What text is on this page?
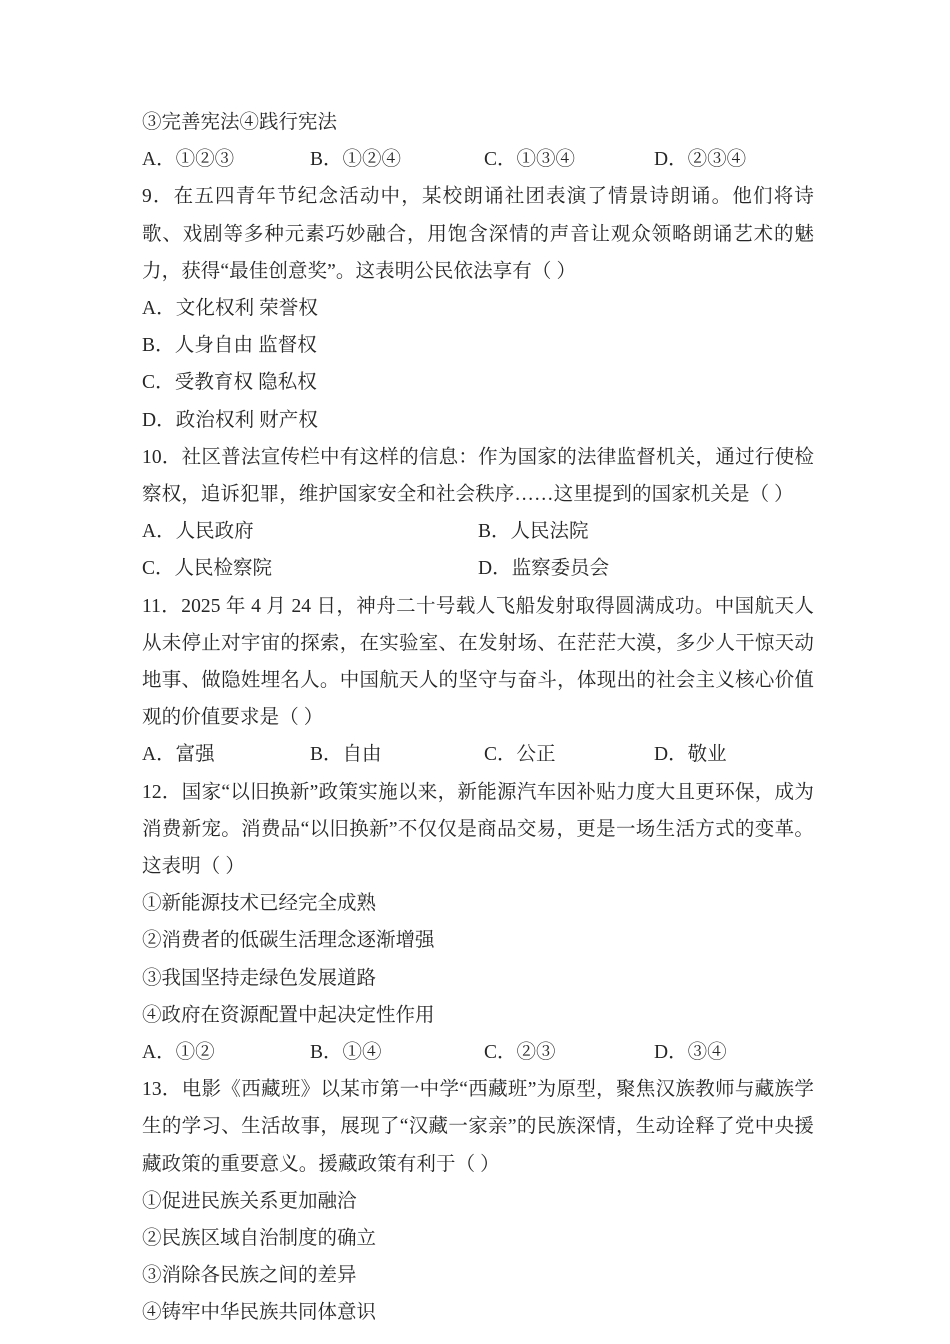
③完善宪法④践行宪法
A．①②③	B．①②④	C．①③④	D．②③④
9．在五四青年节纪念活动中，某校朗诵社团表演了情景诗朗诵。他们将诗歌、戏剧等多种元素巧妙融合，用饱含深情的声音让观众领略朗诵艺术的魅力，获得“最佳创意奖”。这表明公民依法享有（ ）
A．文化权利 荣誉权
B．人身自由 监督权
C．受教育权 隐私权
D．政治权利 财产权
10．社区普法宣传栏中有这样的信息：作为国家的法律监督机关，通过行使检察权，追诉犯罪，维护国家安全和社会秩序……这里提到的国家机关是（ ）
A．人民政府	B．人民法院
C．人民检察院	D．监察委员会
11．2025 年 4 月 24 日，神舟二十号载人飞船发射取得圆满成功。中国航天人从未停止对宇宙的探索，在实验室、在发射场、在茫茫大漠，多少人干惊天动地事、做隐姓埋名人。中国航天人的坚守与奋斗，体现出的社会主义核心价值观的价值要求是（ ）
A．富强	B．自由	C．公正	D．敬业
12．国家“以旧换新”政策实施以来，新能源汽车因补贴力度大且更环保，成为消费新宠。消费品“以旧换新”不仅仅是商品交易，更是一场生活方式的变革。这表明（ ）
①新能源技术已经完全成熟
②消费者的低碳生活理念逐渐增强
③我国坚持走绿色发展道路
④政府在资源配置中起决定性作用
A．①②	B．①④	C．②③	D．③④
13．电影《西藏班》以某市第一中学“西藏班”为原型，聚焦汉族教师与藏族学生的学习、生活故事，展现了“汉藏一家亲”的民族深情，生动诠释了党中央援藏政策的重要意义。援藏政策有利于（ ）
①促进民族关系更加融洽
②民族区域自治制度的确立
③消除各民族之间的差异
④铸牢中华民族共同体意识
